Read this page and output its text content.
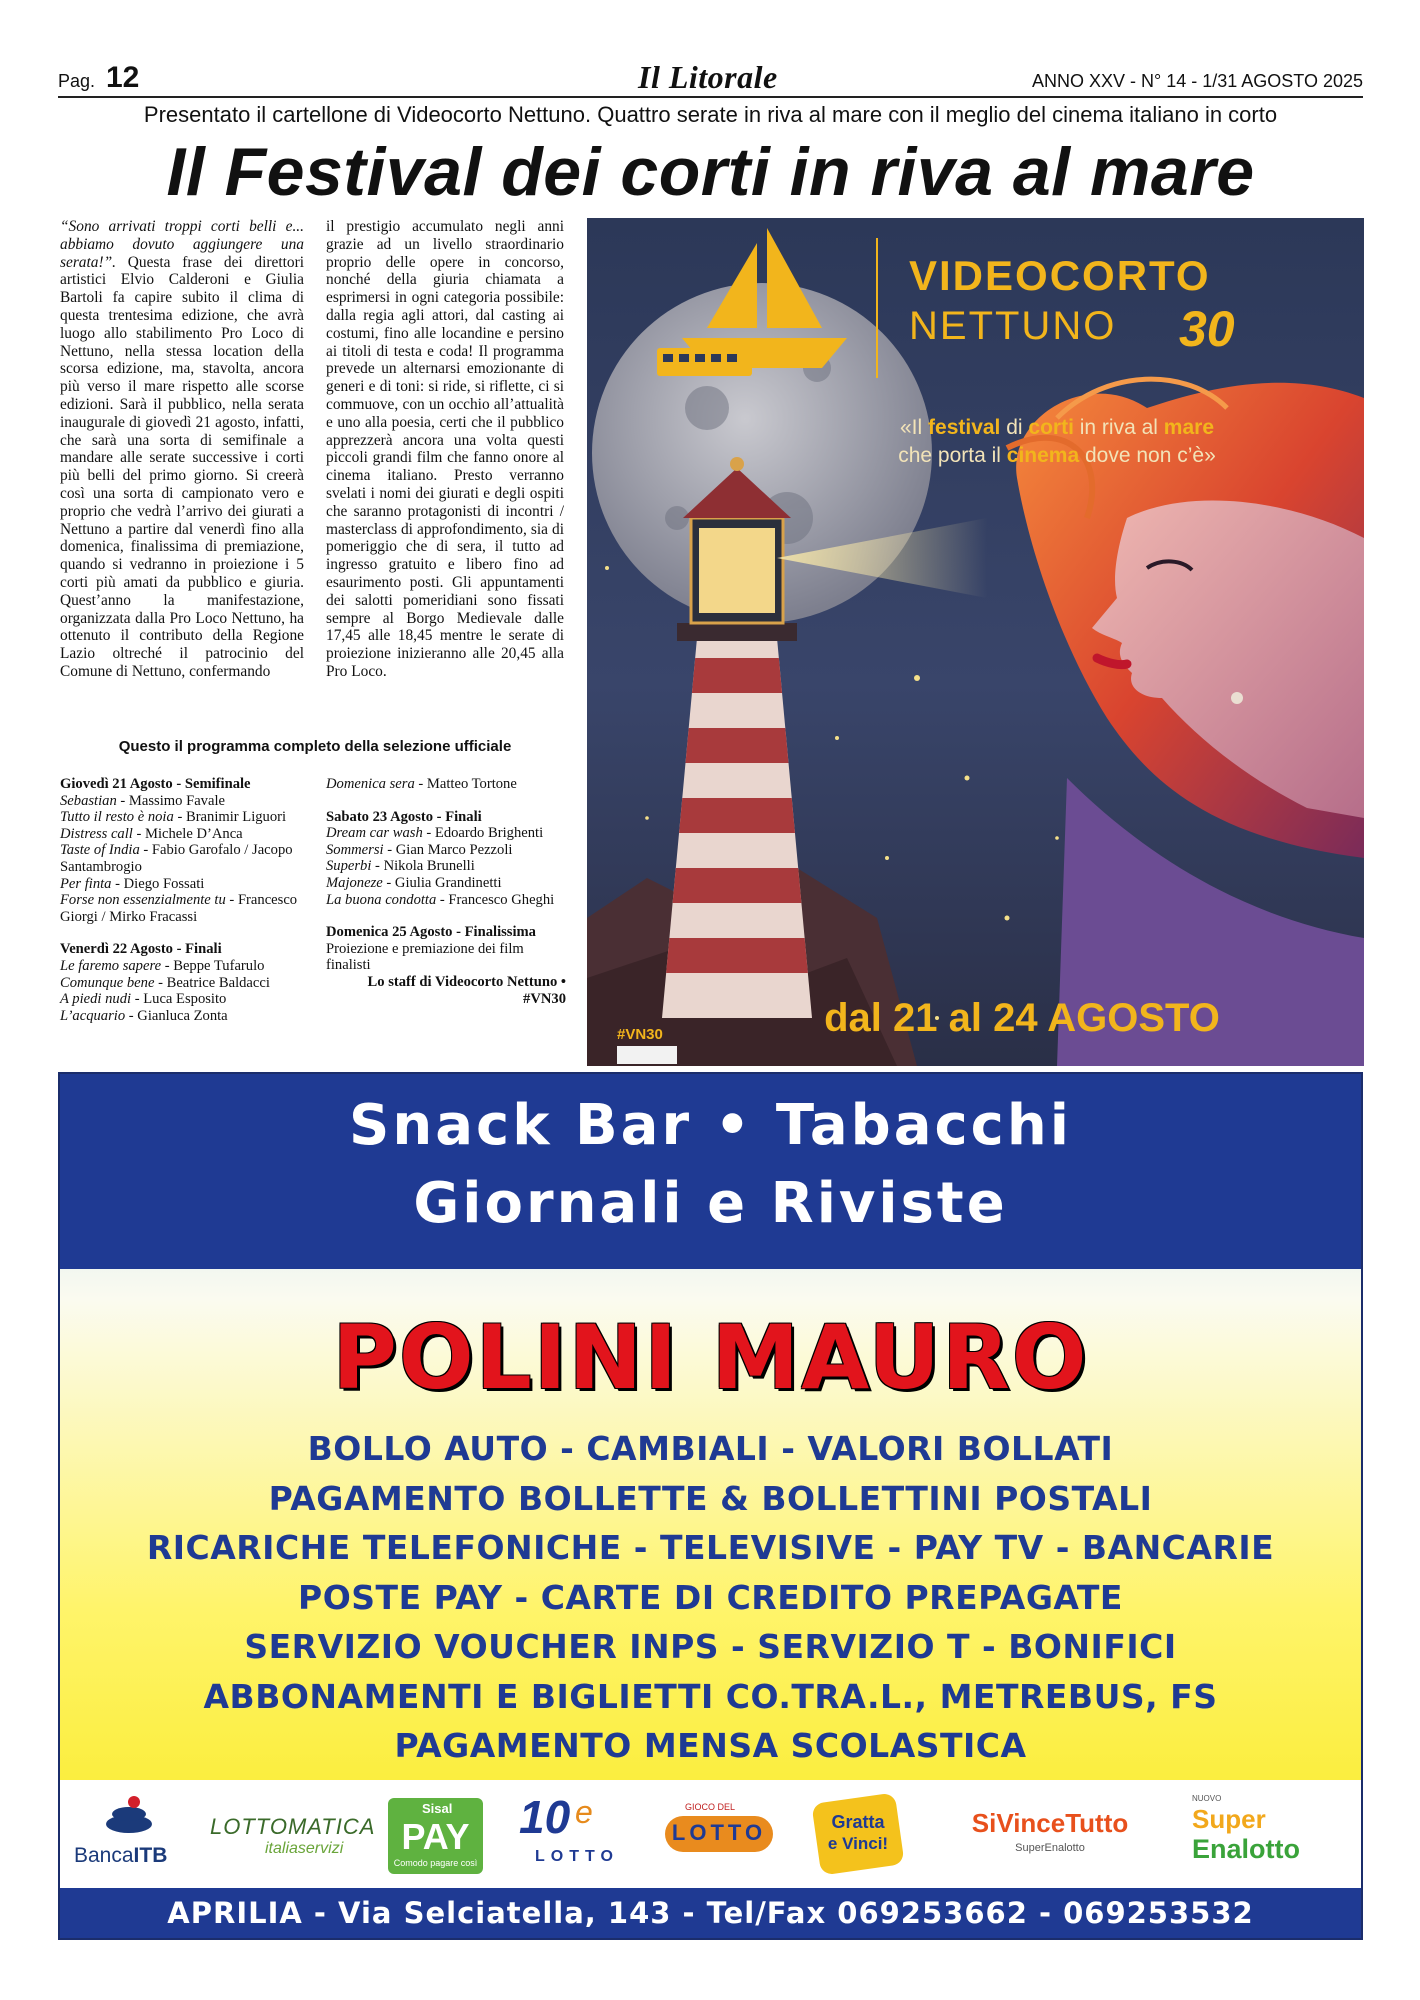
Pag. 12	Il Litorale	ANNO XXV - N° 14 - 1/31 AGOSTO 2025
Presentato il cartellone di Videocorto Nettuno. Quattro serate in riva al mare con il meglio del cinema italiano in corto
Il Festival dei corti in riva al mare
“Sono arrivati troppi corti belli e... abbiamo dovuto aggiungere una serata!”. Questa frase dei direttori artistici Elvio Calderoni e Giulia Bartoli fa capire subito il clima di questa trentesima edizione, che avrà luogo allo stabilimento Pro Loco di Nettuno, nella stessa location della scorsa edizione, ma, stavolta, ancora più verso il mare rispetto alle scorse edizioni. Sarà il pubblico, nella serata inaugurale di giovedì 21 agosto, infatti, che sarà una sorta di semifinale a mandare alle serate successive i corti più belli del primo giorno. Si creerà così una sorta di campionato vero e proprio che vedrà l’arrivo dei giurati a Nettuno a partire dal venerdì fino alla domenica, finalissima di premiazione, quando si vedranno in proiezione i 5 corti più amati da pubblico e giuria. Quest’anno la manifestazione, organizzata dalla Pro Loco Nettuno, ha ottenuto il contributo della Regione Lazio oltreché il patrocinio del Comune di Nettuno, confermando
il prestigio accumulato negli anni grazie ad un livello straordinario proprio delle opere in concorso, nonché della giuria chiamata a esprimersi in ogni categoria possibile: dalla regia agli attori, dal casting ai costumi, fino alle locandine e persino ai titoli di testa e coda! Il programma prevede un alternarsi emozionante di generi e di toni: si ride, si riflette, ci si commuove, con un occhio all’attualità e uno alla poesia, certi che il pubblico apprezzerà ancora una volta questi piccoli grandi film che fanno onore al cinema italiano. Presto verranno svelati i nomi dei giurati e degli ospiti che saranno protagonisti di incontri / masterclass di approfondimento, sia di pomeriggio che di sera, il tutto ad ingresso gratuito e libero fino ad esaurimento posti. Gli appuntamenti dei salotti pomeridiani sono fissati sempre al Borgo Medievale dalle 17,45 alle 18,45 mentre le serate di proiezione inizieranno alle 20,45 alla Pro Loco.
Questo il programma completo della selezione ufficiale
Giovedì 21 Agosto - Semifinale
Sebastian - Massimo Favale
Tutto il resto è noia - Branimir Liguori
Distress call - Michele D’Anca
Taste of India - Fabio Garofalo / Jacopo Santambrogio
Per finta - Diego Fossati
Forse non essenzialmente tu - Francesco Giorgi / Mirko Fracassi
Venerdì 22 Agosto - Finali
Le faremo sapere - Beppe Tufarulo
Comunque bene - Beatrice Baldacci
A piedi nudi - Luca Esposito
L’acquario - Gianluca Zonta
Domenica sera - Matteo Tortone
Sabato 23 Agosto - Finali
Dream car wash - Edoardo Brighenti
Sommersi - Gian Marco Pezzoli
Superbi - Nikola Brunelli
Majoneze - Giulia Grandinetti
La buona condotta - Francesco Gheghi
Domenica 25 Agosto - Finalissima
Proiezione e premiazione dei film finalisti
Lo staff di Videocorto Nettuno •
#VN30
VIDEOCORTO
NETTUNO 30
«Il festival di corti in riva al mare
che porta il cinema dove non c’è»
#VN30	dal 21 al 24 AGOSTO
Snack Bar • Tabacchi
Giornali e Riviste
POLINI MAURO
BOLLO AUTO - CAMBIALI - VALORI BOLLATI
PAGAMENTO BOLLETTE & BOLLETTINI POSTALI
RICARICHE TELEFONICHE - TELEVISIVE - PAY TV - BANCARIE
POSTE PAY - CARTE DI CREDITO PREPAGATE
SERVIZIO VOUCHER INPS - SERVIZIO T - BONIFICI
ABBONAMENTI E BIGLIETTI CO.TRA.L., METREBUS, FS
PAGAMENTO MENSA SCOLASTICA
BancaITB
LOTTOMATICA
italiaservizi
Sisal
PAY
Comodo pagare così
10 e
LOTTO
GIOCO DEL
LOTTO	Gratta
e Vinci!
SiVinceTutto
SuperEnalotto
NUOVO
Super
Enalotto
APRILIA - Via Selciatella, 143 - Tel/Fax 069253662 - 069253532
